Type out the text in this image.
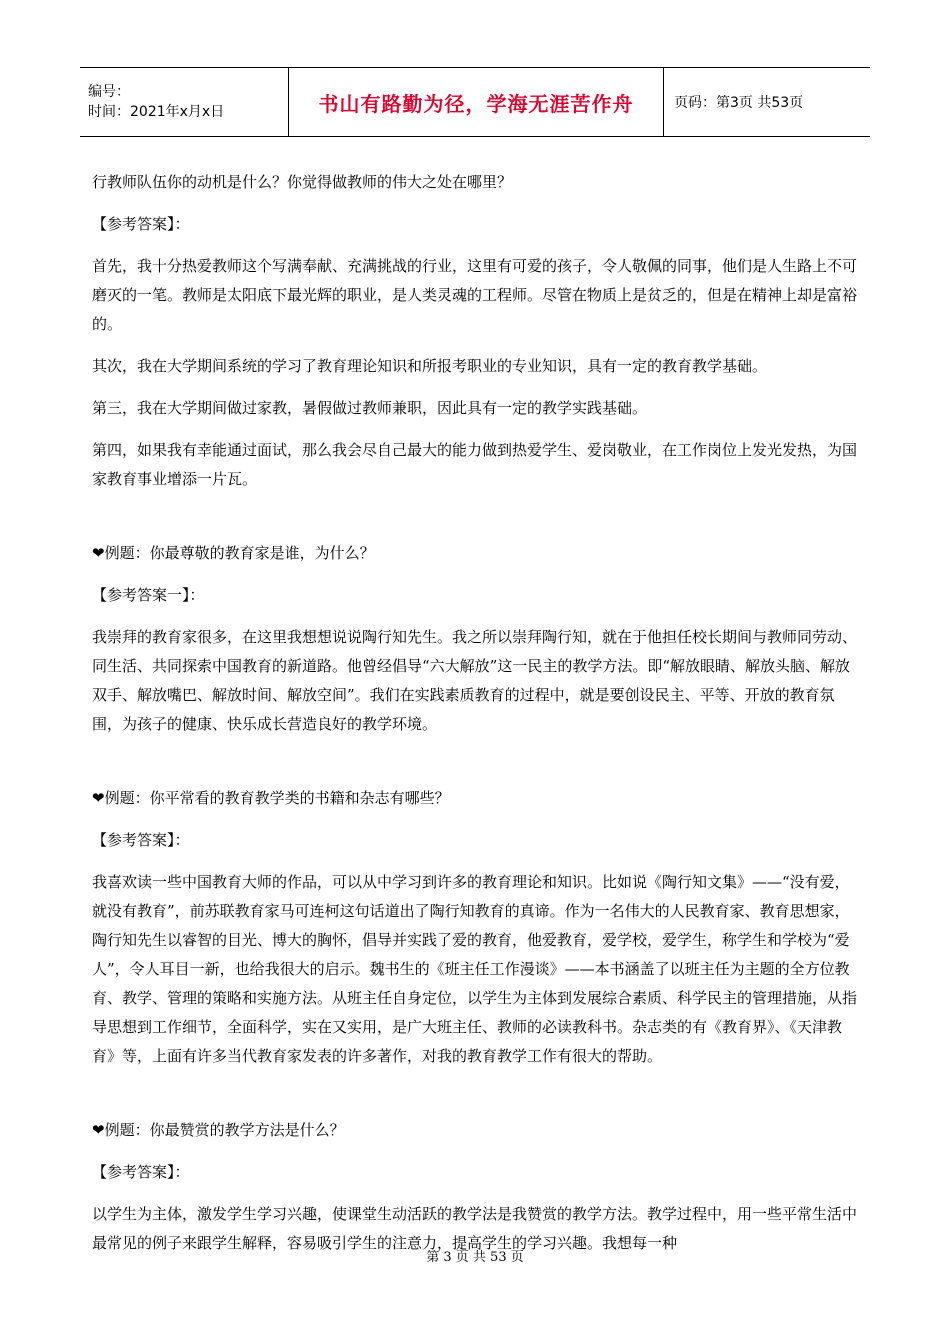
编号：
时间：2021年x月x日	书山有路勤为径，学海无涯苦作舟	页码：第3页 共53页

行教师队伍你的动机是什么？你觉得做教师的伟大之处在哪里？

【参考答案】：

首先，我十分热爱教师这个写满奉献、充满挑战的行业，这里有可爱的孩子，令人敬佩的同事，他们是人生路上不可磨灭的一笔。教师是太阳底下最光辉的职业，是人类灵魂的工程师。尽管在物质上是贫乏的，但是在精神上却是富裕的。

其次，我在大学期间系统的学习了教育理论知识和所报考职业的专业知识，具有一定的教育教学基础。

第三，我在大学期间做过家教，暑假做过教师兼职，因此具有一定的教学实践基础。

第四，如果我有幸能通过面试，那么我会尽自己最大的能力做到热爱学生、爱岗敬业，在工作岗位上发光发热，为国家教育事业增添一片瓦。

❤例题：你最尊敬的教育家是谁，为什么？

【参考答案一】：

我崇拜的教育家很多，在这里我想想说说陶行知先生。我之所以崇拜陶行知，就在于他担任校长期间与教师同劳动、同生活、共同探索中国教育的新道路。他曾经倡导“六大解放”这一民主的教学方法。即“解放眼睛、解放头脑、解放双手、解放嘴巴、解放时间、解放空间”。我们在实践素质教育的过程中，就是要创设民主、平等、开放的教育氛围，为孩子的健康、快乐成长营造良好的教学环境。

❤例题：你平常看的教育教学类的书籍和杂志有哪些？

【参考答案】：

我喜欢读一些中国教育大师的作品，可以从中学习到许多的教育理论和知识。比如说《陶行知文集》——“没有爱，就没有教育”，前苏联教育家马可连柯这句话道出了陶行知教育的真谛。作为一名伟大的人民教育家、教育思想家，陶行知先生以睿智的目光、博大的胸怀，倡导并实践了爱的教育，他爱教育，爱学校，爱学生，称学生和学校为“爱人”，令人耳目一新，也给我很大的启示。魏书生的《班主任工作漫谈》——本书涵盖了以班主任为主题的全方位教育、教学、管理的策略和实施方法。从班主任自身定位，以学生为主体到发展综合素质、科学民主的管理措施，从指导思想到工作细节，全面科学，实在又实用，是广大班主任、教师的必读教科书。杂志类的有《教育界》、《天津教育》等，上面有许多当代教育家发表的许多著作，对我的教育教学工作有很大的帮助。

❤例题：你最赞赏的教学方法是什么？

【参考答案】：

以学生为主体，激发学生学习兴趣，使课堂生动活跃的教学法是我赞赏的教学方法。教学过程中，用一些平常生活中最常见的例子来跟学生解释，容易吸引学生的注意力，提高学生的学习兴趣。我想每一种

第 3 页 共 53 页
